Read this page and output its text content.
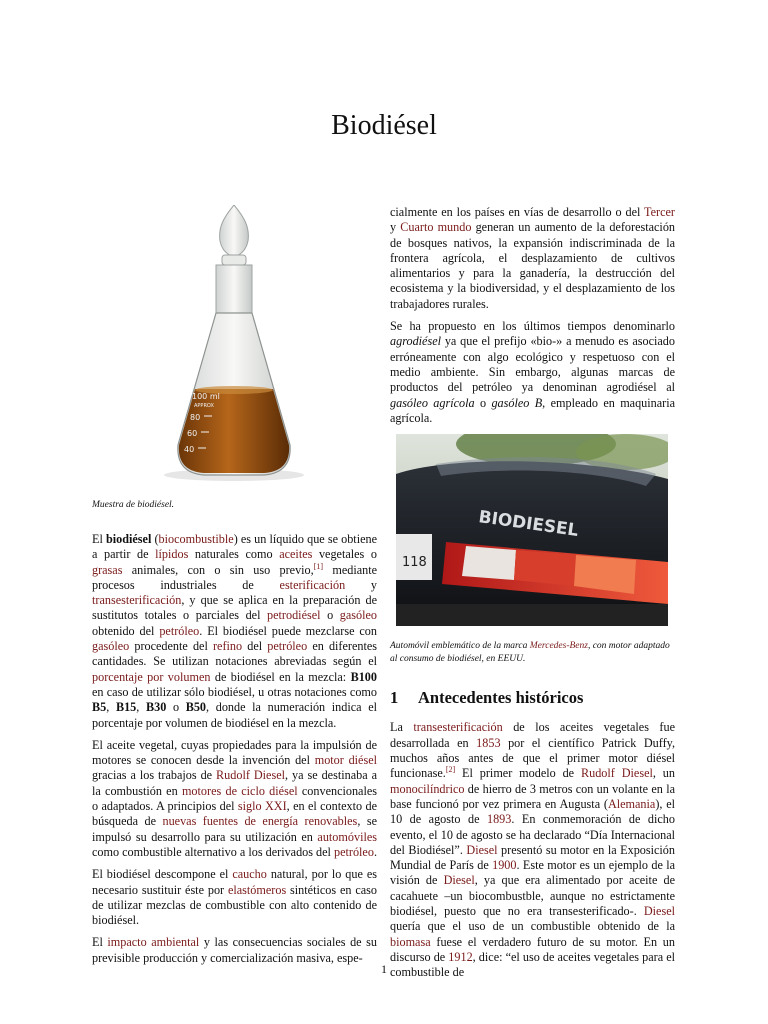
Biodiésel
100 ml
APPROX
80
60
40
Muestra de biodiésel.

El biodiésel (biocombustible) es un líquido que se obtiene a partir de lípidos naturales como aceites vegetales o grasas animales, con o sin uso previo,[1] mediante procesos industriales de esterificación y transesterificación, y que se aplica en la preparación de sustitutos totales o parciales del petrodiésel o gasóleo obtenido del petróleo. El biodiésel puede mezclarse con gasóleo procedente del refino del petróleo en diferentes cantidades. Se utilizan notaciones abreviadas según el porcentaje por volumen de biodiésel en la mezcla: B100 en caso de utilizar sólo biodiésel, u otras notaciones como B5, B15, B30 o B50, donde la numeración indica el porcentaje por volumen de biodiésel en la mezcla.

El aceite vegetal, cuyas propiedades para la impulsión de motores se conocen desde la invención del motor diésel gracias a los trabajos de Rudolf Diesel, ya se destinaba a la combustión en motores de ciclo diésel convencionales o adaptados. A principios del siglo XXI, en el contexto de búsqueda de nuevas fuentes de energía renovables, se impulsó su desarrollo para su utilización en automóviles como combustible alternativo a los derivados del petróleo.

El biodiésel descompone el caucho natural, por lo que es necesario sustituir éste por elastómeros sintéticos en caso de utilizar mezclas de combustible con alto contenido de biodiésel.

El impacto ambiental y las consecuencias sociales de su previsible producción y comercialización masiva, espe-

cialmente en los países en vías de desarrollo o del Tercer y Cuarto mundo generan un aumento de la deforestación de bosques nativos, la expansión indiscriminada de la frontera agrícola, el desplazamiento de cultivos alimentarios y para la ganadería, la destrucción del ecosistema y la biodiversidad, y el desplazamiento de los trabajadores rurales.

Se ha propuesto en los últimos tiempos denominarlo agrodiésel ya que el prefijo «bio-» a menudo es asociado erróneamente con algo ecológico y respetuoso con el medio ambiente. Sin embargo, algunas marcas de productos del petróleo ya denominan agrodiésel al gasóleo agrícola o gasóleo B, empleado en maquinaria agrícola.

BIODIESEL
118
Automóvil emblemático de la marca Mercedes-Benz, con motor adaptado al consumo de biodiésel, en EEUU.
1 Antecedentes históricos

La transesterificación de los aceites vegetales fue desarrollada en 1853 por el científico Patrick Duffy, muchos años antes de que el primer motor diésel funcionase.[2] El primer modelo de Rudolf Diesel, un monocilíndrico de hierro de 3 metros con un volante en la base funcionó por vez primera en Augusta (Alemania), el 10 de agosto de 1893. En conmemoración de dicho evento, el 10 de agosto se ha declarado “Día Internacional del Biodiésel”. Diesel presentó su motor en la Exposición Mundial de París de 1900. Este motor es un ejemplo de la visión de Diesel, ya que era alimentado por aceite de cacahuete –un biocombustble, aunque no estrictamente biodiésel, puesto que no era transesterificado-. Diesel quería que el uso de un combustible obtenido de la biomasa fuese el verdadero futuro de su motor. En un discurso de 1912, dice: “el uso de aceites vegetales para el combustible de

1
